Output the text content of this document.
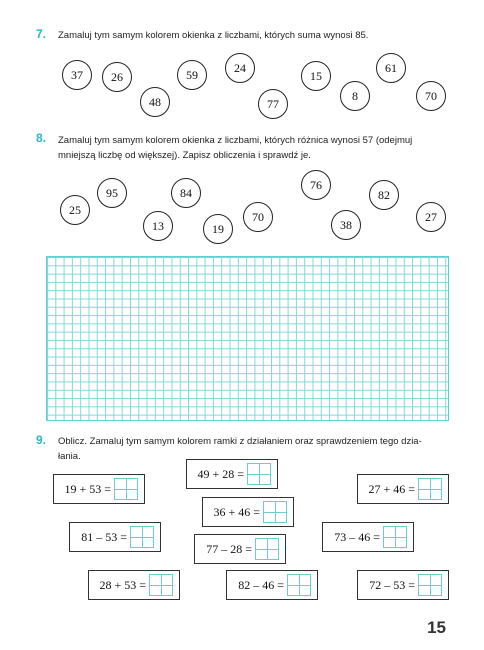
7. Zamaluj tym samym kolorem okienka z liczbami, których suma wynosi 85.
37	26
48
59	24
77
15
8
61
70
8. Zamaluj tym samym kolorem okienka z liczbami, których różnica wynosi 57 (odejmuj
mniejszą liczbę od większej). Zapisz obliczenia i sprawdź je.
25
95
13
84
19
70
76
38
82
27
9. Oblicz. Zamaluj tym samym kolorem ramki z działaniem oraz sprawdzeniem tego dzia-
łania.
49 + 28 =
19 + 53 =	27 + 46 =
36 + 46 =
81 – 53 =	73 – 46 =
77 – 28 =
28 + 53 =	82 – 46 =	72 – 53 =
15
